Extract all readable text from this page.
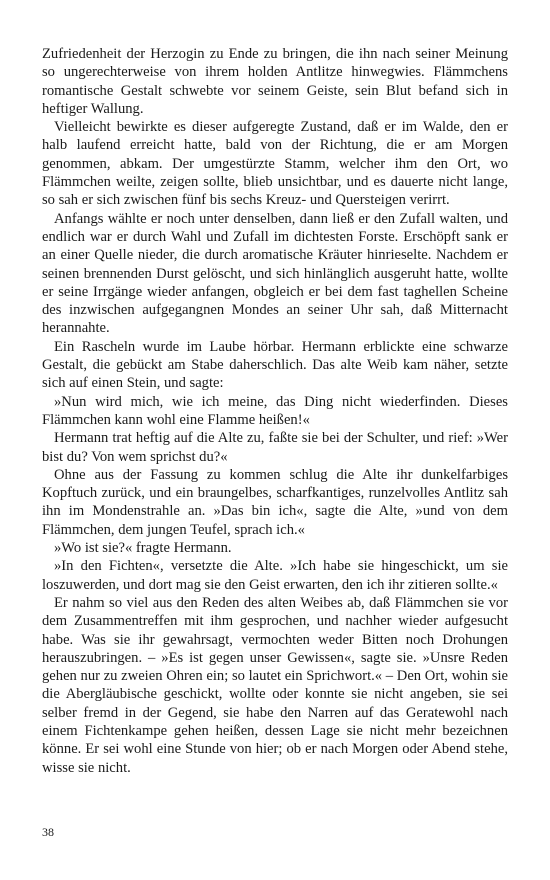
Zufriedenheit der Herzogin zu Ende zu bringen, die ihn nach seiner Meinung so ungerechterweise von ihrem holden Antlitze hinwegwies. Flämmchens romantische Gestalt schwebte vor seinem Geiste, sein Blut befand sich in heftiger Wallung.

Vielleicht bewirkte es dieser aufgeregte Zustand, daß er im Walde, den er halb laufend erreicht hatte, bald von der Richtung, die er am Morgen genommen, abkam. Der umgestürzte Stamm, welcher ihm den Ort, wo Flämmchen weilte, zeigen sollte, blieb unsichtbar, und es dauerte nicht lange, so sah er sich zwischen fünf bis sechs Kreuz- und Quersteigen verirrt.

Anfangs wählte er noch unter denselben, dann ließ er den Zufall walten, und endlich war er durch Wahl und Zufall im dichtesten Forste. Erschöpft sank er an einer Quelle nieder, die durch aromatische Kräuter hinrieselte. Nachdem er seinen brennenden Durst gelöscht, und sich hinlänglich ausgeruht hatte, wollte er seine Irrgänge wieder anfangen, obgleich er bei dem fast taghellen Scheine des inzwischen aufgegangnen Mondes an seiner Uhr sah, daß Mitternacht herannahte.

Ein Rascheln wurde im Laube hörbar. Hermann erblickte eine schwarze Gestalt, die gebückt am Stabe daherschlich. Das alte Weib kam näher, setzte sich auf einen Stein, und sagte:

»Nun wird mich, wie ich meine, das Ding nicht wiederfinden. Dieses Flämmchen kann wohl eine Flamme heißen!«

Hermann trat heftig auf die Alte zu, faßte sie bei der Schulter, und rief: »Wer bist du? Von wem sprichst du?«

Ohne aus der Fassung zu kommen schlug die Alte ihr dunkelfarbiges Kopftuch zurück, und ein braungelbes, scharfkantiges, runzelvolles Antlitz sah ihn im Mondenstrahle an. »Das bin ich«, sagte die Alte, »und von dem Flämmchen, dem jungen Teufel, sprach ich.«

»Wo ist sie?« fragte Hermann.

»In den Fichten«, versetzte die Alte. »Ich habe sie hingeschickt, um sie loszuwerden, und dort mag sie den Geist erwarten, den ich ihr zitieren sollte.«

Er nahm so viel aus den Reden des alten Weibes ab, daß Flämmchen sie vor dem Zusammentreffen mit ihm gesprochen, und nachher wieder aufgesucht habe. Was sie ihr gewahrsagt, vermochten weder Bitten noch Drohungen herauszubringen. – »Es ist gegen unser Gewissen«, sagte sie. »Unsre Reden gehen nur zu zweien Ohren ein; so lautet ein Sprichwort.« – Den Ort, wohin sie die Abergläubische geschickt, wollte oder konnte sie nicht angeben, sie sei selber fremd in der Gegend, sie habe den Narren auf das Geratewohl nach einem Fichtenkampe gehen heißen, dessen Lage sie nicht mehr bezeichnen könne. Er sei wohl eine Stunde von hier; ob er nach Morgen oder Abend stehe, wisse sie nicht.

38
